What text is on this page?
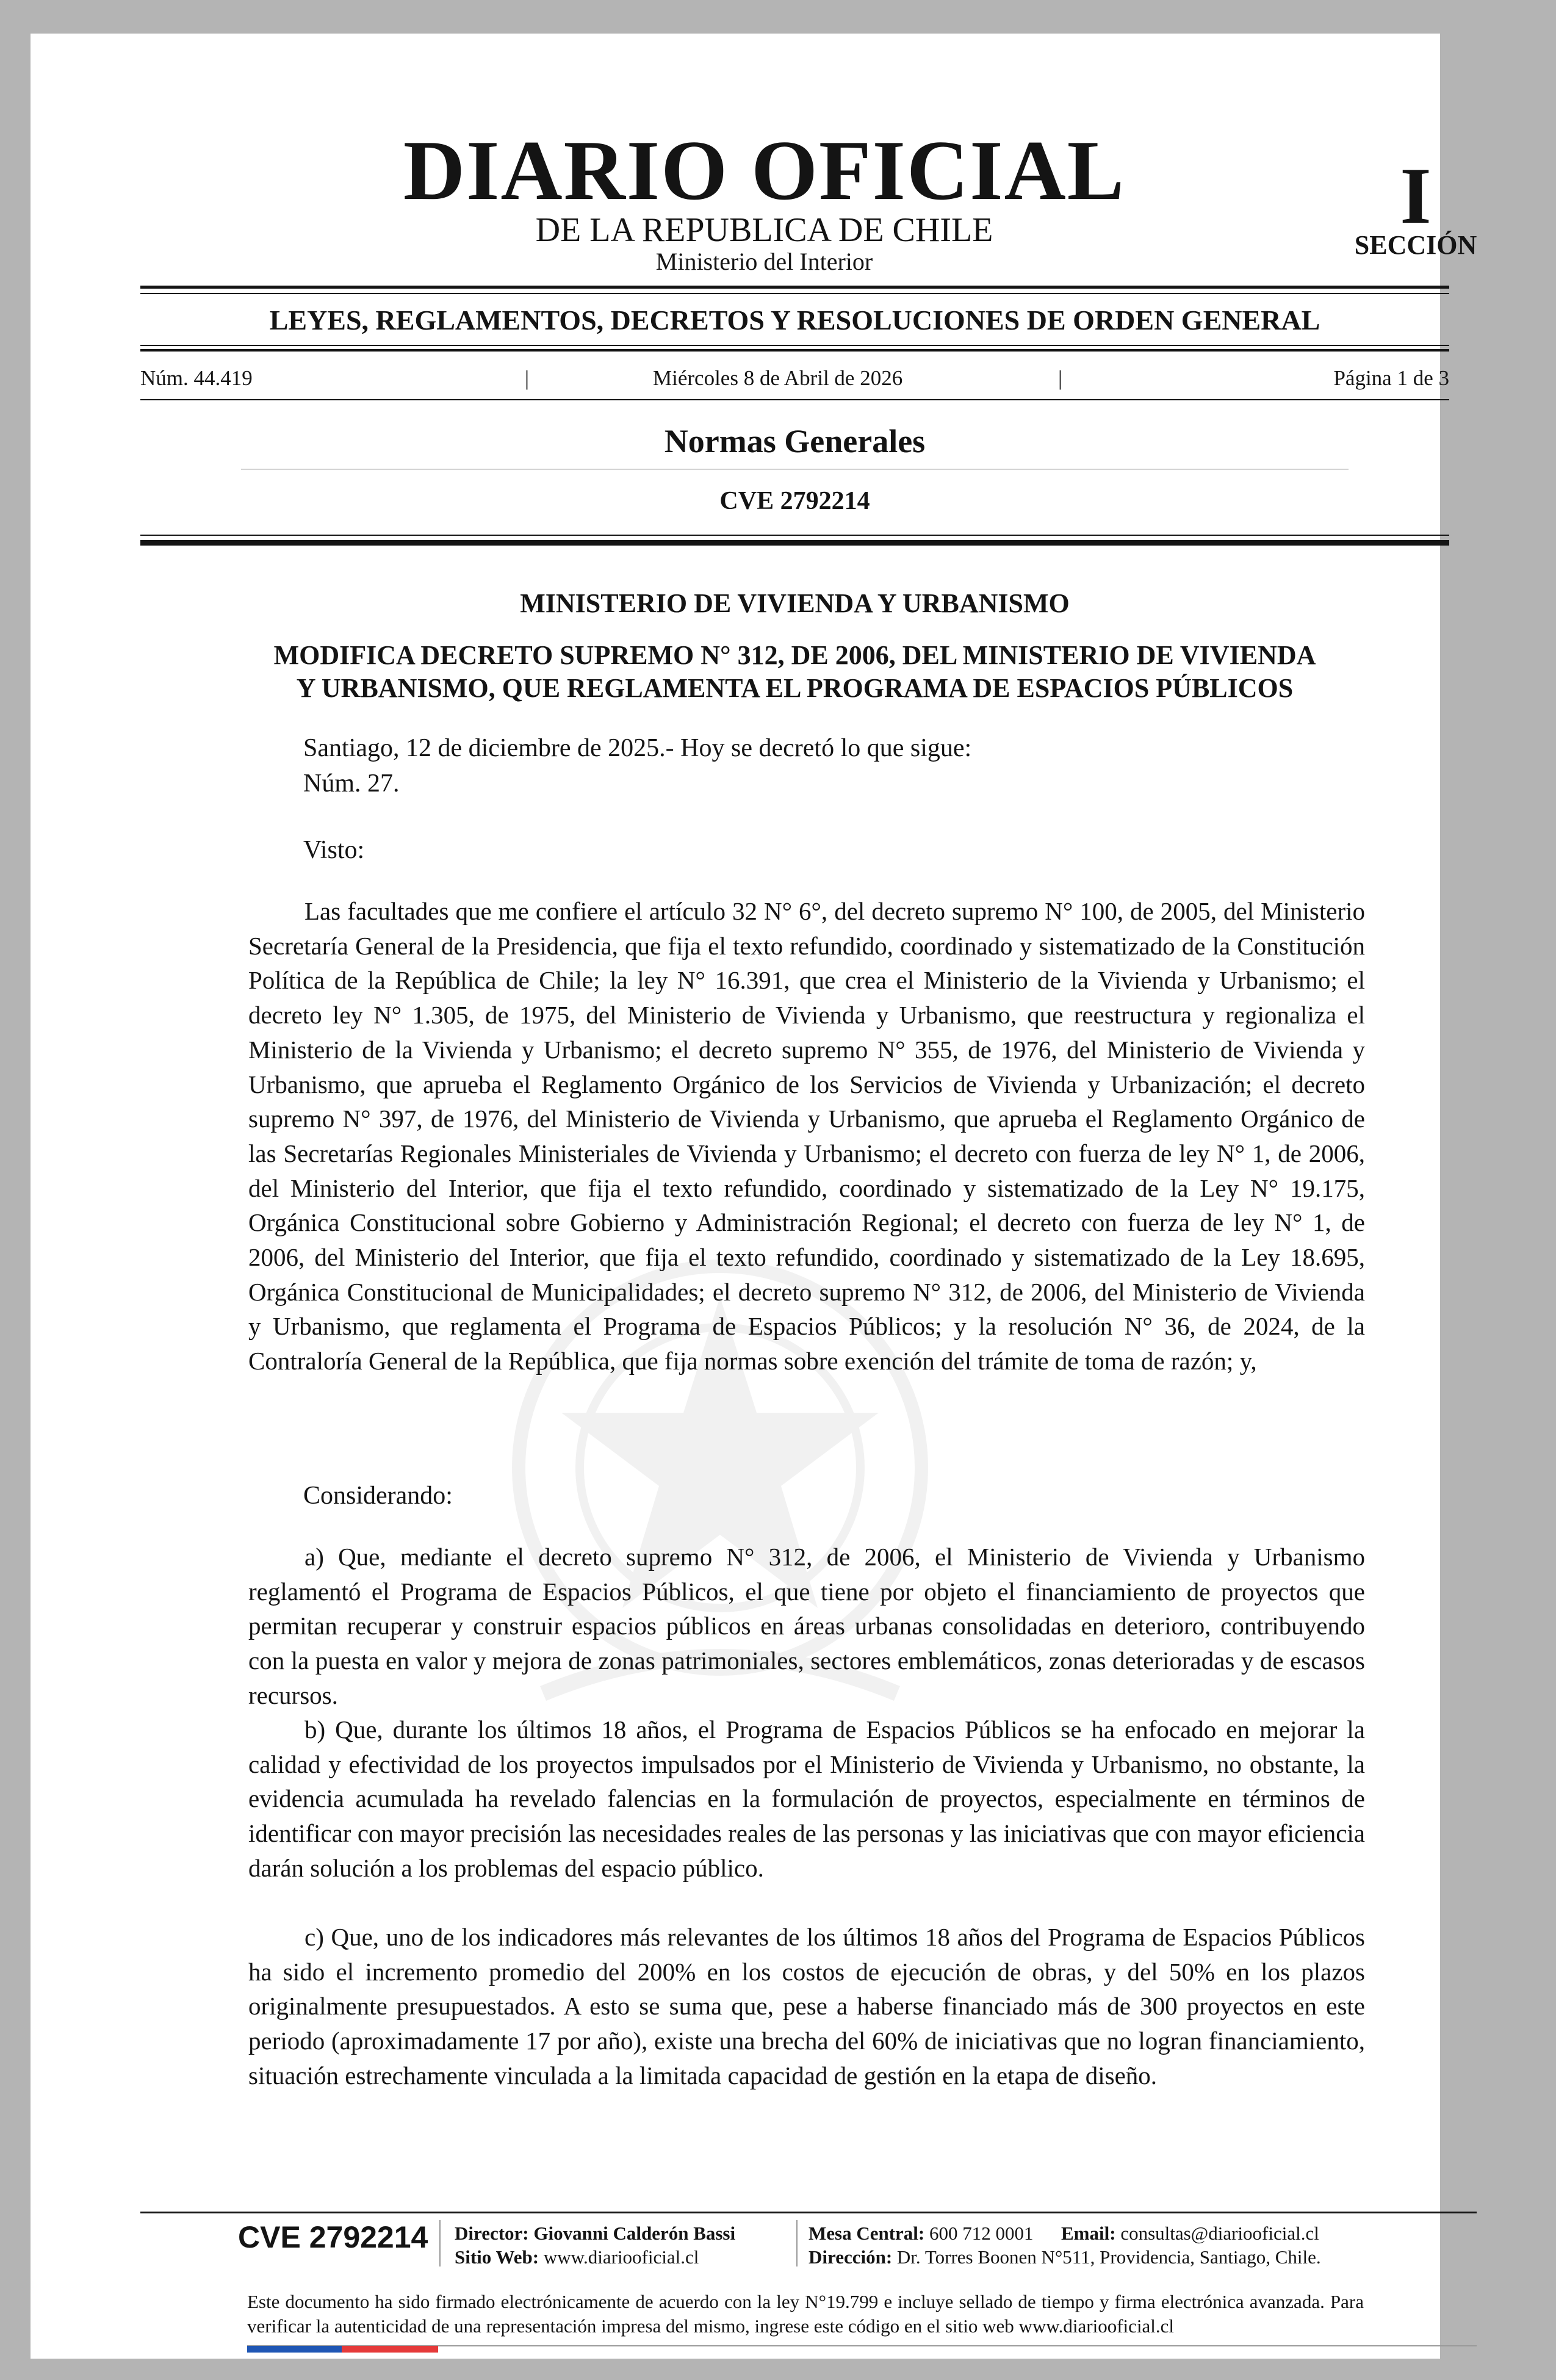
DIARIO OFICIAL
DE LA REPUBLICA DE CHILE
Ministerio del Interior
I
SECCIÓN
LEYES, REGLAMENTOS, DECRETOS Y RESOLUCIONES DE ORDEN GENERAL
Núm. 44.419	|	Miércoles 8 de Abril de 2026	|	Página 1 de 3
Normas Generales
CVE 2792214
MINISTERIO DE VIVIENDA Y URBANISMO
MODIFICA DECRETO SUPREMO N° 312, DE 2006, DEL MINISTERIO DE VIVIENDA
Y URBANISMO, QUE REGLAMENTA EL PROGRAMA DE ESPACIOS PÚBLICOS
Santiago, 12 de diciembre de 2025.- Hoy se decretó lo que sigue:
Núm. 27.
Visto:

Las facultades que me confiere el artículo 32 N° 6°, del decreto supremo N° 100, de 2005, del Ministerio Secretaría General de la Presidencia, que fija el texto refundido, coordinado y sistematizado de la Constitución Política de la República de Chile; la ley N° 16.391, que crea el Ministerio de la Vivienda y Urbanismo; el decreto ley N° 1.305, de 1975, del Ministerio de Vivienda y Urbanismo, que reestructura y regionaliza el Ministerio de la Vivienda y Urbanismo; el decreto supremo N° 355, de 1976, del Ministerio de Vivienda y Urbanismo, que aprueba el Reglamento Orgánico de los Servicios de Vivienda y Urbanización; el decreto supremo N° 397, de 1976, del Ministerio de Vivienda y Urbanismo, que aprueba el Reglamento Orgánico de las Secretarías Regionales Ministeriales de Vivienda y Urbanismo; el decreto con fuerza de ley N° 1, de 2006, del Ministerio del Interior, que fija el texto refundido, coordinado y sistematizado de la Ley N° 19.175, Orgánica Constitucional sobre Gobierno y Administración Regional; el decreto con fuerza de ley N° 1, de 2006, del Ministerio del Interior, que fija el texto refundido, coordinado y sistematizado de la Ley 18.695, Orgánica Constitucional de Municipalidades; el decreto supremo N° 312, de 2006, del Ministerio de Vivienda y Urbanismo, que reglamenta el Programa de Espacios Públicos; y la resolución N° 36, de 2024, de la Contraloría General de la República, que fija normas sobre exención del trámite de toma de razón; y,

Considerando:

a) Que, mediante el decreto supremo N° 312, de 2006, el Ministerio de Vivienda y Urbanismo reglamentó el Programa de Espacios Públicos, el que tiene por objeto el financiamiento de proyectos que permitan recuperar y construir espacios públicos en áreas urbanas consolidadas en deterioro, contribuyendo con la puesta en valor y mejora de zonas patrimoniales, sectores emblemáticos, zonas deterioradas y de escasos recursos.

b) Que, durante los últimos 18 años, el Programa de Espacios Públicos se ha enfocado en mejorar la calidad y efectividad de los proyectos impulsados por el Ministerio de Vivienda y Urbanismo, no obstante, la evidencia acumulada ha revelado falencias en la formulación de proyectos, especialmente en términos de identificar con mayor precisión las necesidades reales de las personas y las iniciativas que con mayor eficiencia darán solución a los problemas del espacio público.

c) Que, uno de los indicadores más relevantes de los últimos 18 años del Programa de Espacios Públicos ha sido el incremento promedio del 200% en los costos de ejecución de obras, y del 50% en los plazos originalmente presupuestados. A esto se suma que, pese a haberse financiado más de 300 proyectos en este periodo (aproximadamente 17 por año), existe una brecha del 60% de iniciativas que no logran financiamiento, situación estrechamente vinculada a la limitada capacidad de gestión en la etapa de diseño.

CVE 2792214 Director: Giovanni Calderón Bassi
Sitio Web: www.diariooficial.cl
Mesa Central: 600 712 0001 Email: consultas@diariooficial.cl
Dirección: Dr. Torres Boonen N°511, Providencia, Santiago, Chile.

Este documento ha sido firmado electrónicamente de acuerdo con la ley N°19.799 e incluye sellado de tiempo y firma electrónica avanzada. Para verificar la autenticidad de una representación impresa del mismo, ingrese este código en el sitio web www.diariooficial.cl
